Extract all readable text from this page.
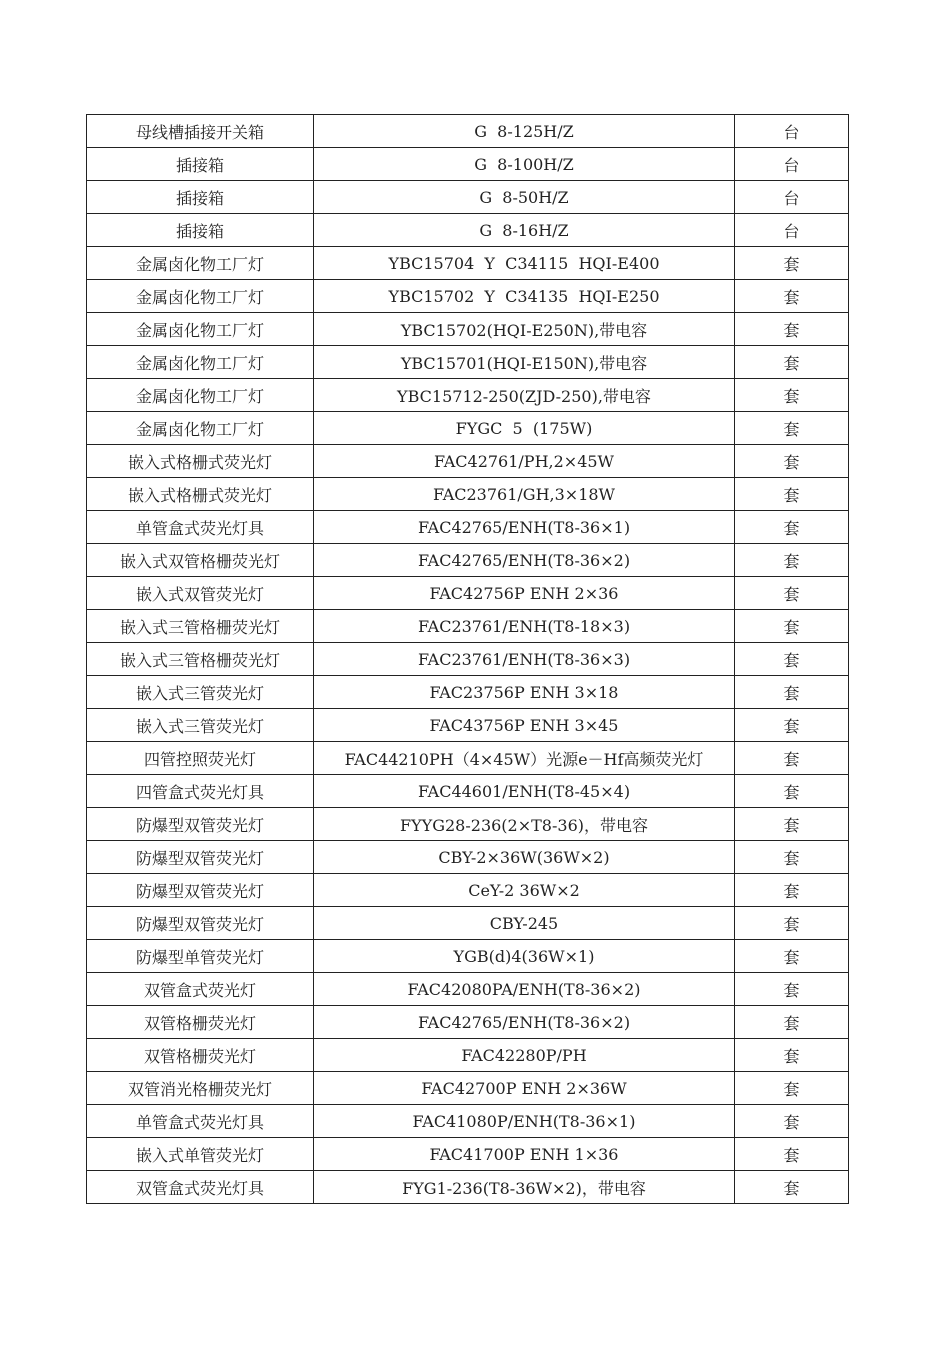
母线槽插接开关箱	G  8-125H/Z	台
插接箱	G  8-100H/Z	台
插接箱	G  8-50H/Z	台
插接箱	G  8-16H/Z	台
金属卤化物工厂灯	YBC15704  Y  C34115  HQI-E400	套
金属卤化物工厂灯	YBC15702  Y  C34135  HQI-E250	套
金属卤化物工厂灯	YBC15702(HQI-E250N),带电容	套
金属卤化物工厂灯	YBC15701(HQI-E150N),带电容	套
金属卤化物工厂灯	YBC15712-250(ZJD-250),带电容	套
金属卤化物工厂灯	FYGC  5  (175W)	套
嵌入式格栅式荧光灯	FAC42761/PH,2×45W	套
嵌入式格栅式荧光灯	FAC23761/GH,3×18W	套
单管盒式荧光灯具	FAC42765/ENH(T8-36×1)	套
嵌入式双管格栅荧光灯	FAC42765/ENH(T8-36×2)	套
嵌入式双管荧光灯	FAC42756P ENH 2×36	套
嵌入式三管格栅荧光灯	FAC23761/ENH(T8-18×3)	套
嵌入式三管格栅荧光灯	FAC23761/ENH(T8-36×3)	套
嵌入式三管荧光灯	FAC23756P ENH 3×18	套
嵌入式三管荧光灯	FAC43756P ENH 3×45	套
四管控照荧光灯	FAC44210PH（4×45W）光源e－Hf高频荧光灯	套
四管盒式荧光灯具	FAC44601/ENH(T8-45×4)	套
防爆型双管荧光灯	FYYG28-236(2×T8-36)，带电容	套
防爆型双管荧光灯	CBY-2×36W(36W×2)	套
防爆型双管荧光灯	CeY-2 36W×2	套
防爆型双管荧光灯	CBY-245	套
防爆型单管荧光灯	YGB(d)4(36W×1)	套
双管盒式荧光灯	FAC42080PA/ENH(T8-36×2)	套
双管格栅荧光灯	FAC42765/ENH(T8-36×2)	套
双管格栅荧光灯	FAC42280P/PH	套
双管消光格栅荧光灯	FAC42700P ENH 2×36W	套
单管盒式荧光灯具	FAC41080P/ENH(T8-36×1)	套
嵌入式单管荧光灯	FAC41700P ENH 1×36	套
双管盒式荧光灯具	FYG1-236(T8-36W×2)，带电容	套
